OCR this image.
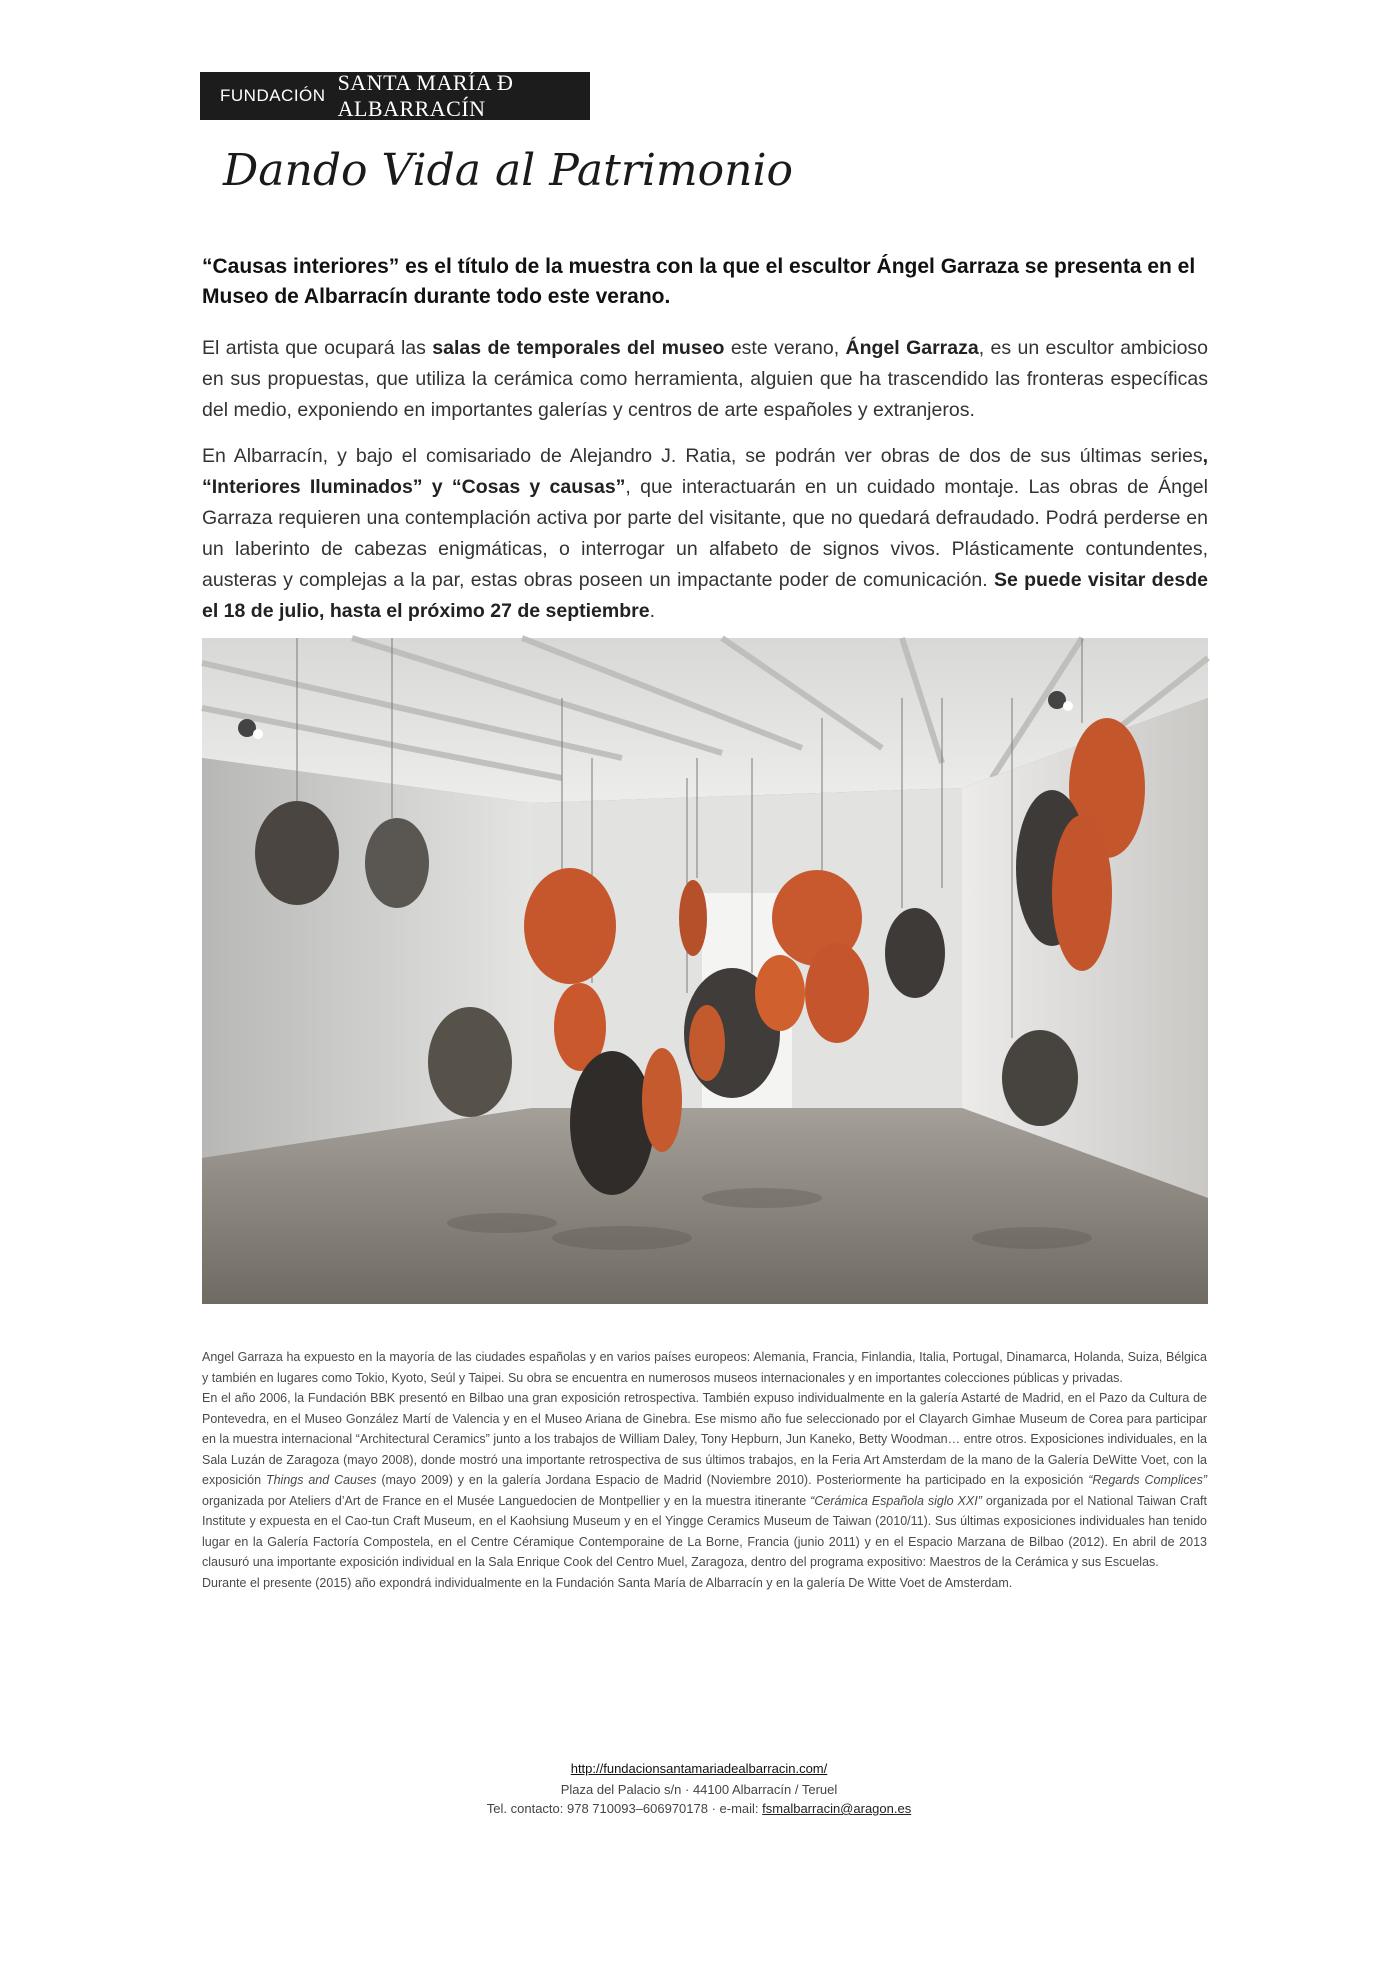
FUNDACIÓN
SANTA MARÍA Ð ALBARRACÍN
Dando Vida al Patrimonio
“Causas interiores” es el título de la muestra con la que el escultor Ángel Garraza se presenta en el Museo de Albarracín durante todo este verano.

El artista que ocupará las salas de temporales del museo este verano, Ángel Garraza, es un escultor ambicioso en sus propuestas, que utiliza la cerámica como herramienta, alguien que ha trascendido las fronteras específicas del medio, exponiendo en importantes galerías y centros de arte españoles y extranjeros.

En Albarracín, y bajo el comisariado de Alejandro J. Ratia, se podrán ver obras de dos de sus últimas series, “Interiores Iluminados” y “Cosas y causas”, que interactuarán en un cuidado montaje. Las obras de Ángel Garraza requieren una contemplación activa por parte del visitante, que no quedará defraudado. Podrá perderse en un laberinto de cabezas enigmáticas, o interrogar un alfabeto de signos vivos. Plásticamente contundentes, austeras y complejas a la par, estas obras poseen un impactante poder de comunicación. Se puede visitar desde el 18 de julio, hasta el próximo 27 de septiembre.

Angel Garraza ha expuesto en la mayoría de las ciudades españolas y en varios países europeos: Alemania, Francia, Finlandia, Italia, Portugal, Dinamarca, Holanda, Suiza, Bélgica y también en lugares como Tokio, Kyoto, Seúl y Taipei. Su obra se encuentra en numerosos museos internacionales y en importantes colecciones públicas y privadas.
En el año 2006, la Fundación BBK presentó en Bilbao una gran exposición retrospectiva. También expuso individualmente en la galería Astarté de Madrid, en el Pazo da Cultura de Pontevedra, en el Museo González Martí de Valencia y en el Museo Ariana de Ginebra. Ese mismo año fue seleccionado por el Clayarch Gimhae Museum de Corea para participar en la muestra internacional “Architectural Ceramics” junto a los trabajos de William Daley, Tony Hepburn, Jun Kaneko, Betty Woodman… entre otros. Exposiciones individuales, en la Sala Luzán de Zaragoza (mayo 2008), donde mostró una importante retrospectiva de sus últimos trabajos, en la Feria Art Amsterdam de la mano de la Galería DeWitte Voet, con la exposición Things and Causes (mayo 2009) y en la galería Jordana Espacio de Madrid (Noviembre 2010). Posteriormente ha participado en la exposición “Regards Complices” organizada por Ateliers d’Art de France en el Musée Languedocien de Montpellier y en la muestra itinerante “Cerámica Española siglo XXI” organizada por el National Taiwan Craft Institute y expuesta en el Cao-tun Craft Museum, en el Kaohsiung Museum y en el Yingge Ceramics Museum de Taiwan (2010/11). Sus últimas exposiciones individuales han tenido lugar en la Galería Factoría Compostela, en el Centre Céramique Contemporaine de La Borne, Francia (junio 2011) y en el Espacio Marzana de Bilbao (2012). En abril de 2013 clausuró una importante exposición individual en la Sala Enrique Cook del Centro Muel, Zaragoza, dentro del programa expositivo: Maestros de la Cerámica y sus Escuelas.
Durante el presente (2015) año expondrá individualmente en la Fundación Santa María de Albarracín y en la galería De Witte Voet de Amsterdam.
http://fundacionsantamariadealbarracin.com/
Plaza del Palacio s/n · 44100 Albarracín / Teruel
Tel. contacto: 978 710093–606970178 · e-mail: fsmalbarracin@aragon.es
